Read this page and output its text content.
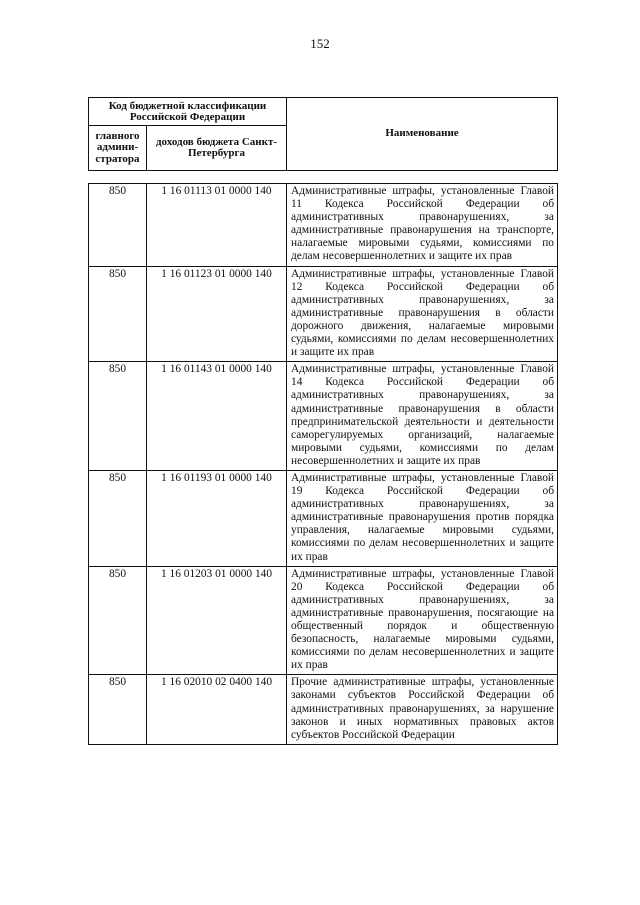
152
Код бюджетной классификации Российской Федерации		Наименование
главного админи-стратора	доходов бюджета Санкт-Петербурга	
850	1 16 01113 01 0000 140	Административные штрафы, установленные Главой 11 Кодекса Российской Федерации об административных правонарушениях, за административные правонарушения на транспорте, налагаемые мировыми судьями, комиссиями по делам несовершеннолетних и защите их прав
850	1 16 01123 01 0000 140	Административные штрафы, установленные Главой 12 Кодекса Российской Федерации об административных правонарушениях, за административные правонарушения в области дорожного движения, налагаемые мировыми судьями, комиссиями по делам несовершеннолетних и защите их прав
850	1 16 01143 01 0000 140	Административные штрафы, установленные Главой 14 Кодекса Российской Федерации об административных правонарушениях, за административные правонарушения в области предпринимательской деятельности и деятельности саморегулируемых организаций, налагаемые мировыми судьями, комиссиями по делам несовершеннолетних и защите их прав
850	1 16 01193 01 0000 140	Административные штрафы, установленные Главой 19 Кодекса Российской Федерации об административных правонарушениях, за административные правонарушения против порядка управления, налагаемые мировыми судьями, комиссиями по делам несовершеннолетних и защите их прав
850	1 16 01203 01 0000 140	Административные штрафы, установленные Главой 20 Кодекса Российской Федерации об административных правонарушениях, за административные правонарушения, посягающие на общественный порядок и общественную безопасность, налагаемые мировыми судьями, комиссиями по делам несовершеннолетних и защите их прав
850	1 16 02010 02 0400 140	Прочие административные штрафы, установленные законами субъектов Российской Федерации об административных правонарушениях, за нарушение законов и иных нормативных правовых актов субъектов Российской Федерации
